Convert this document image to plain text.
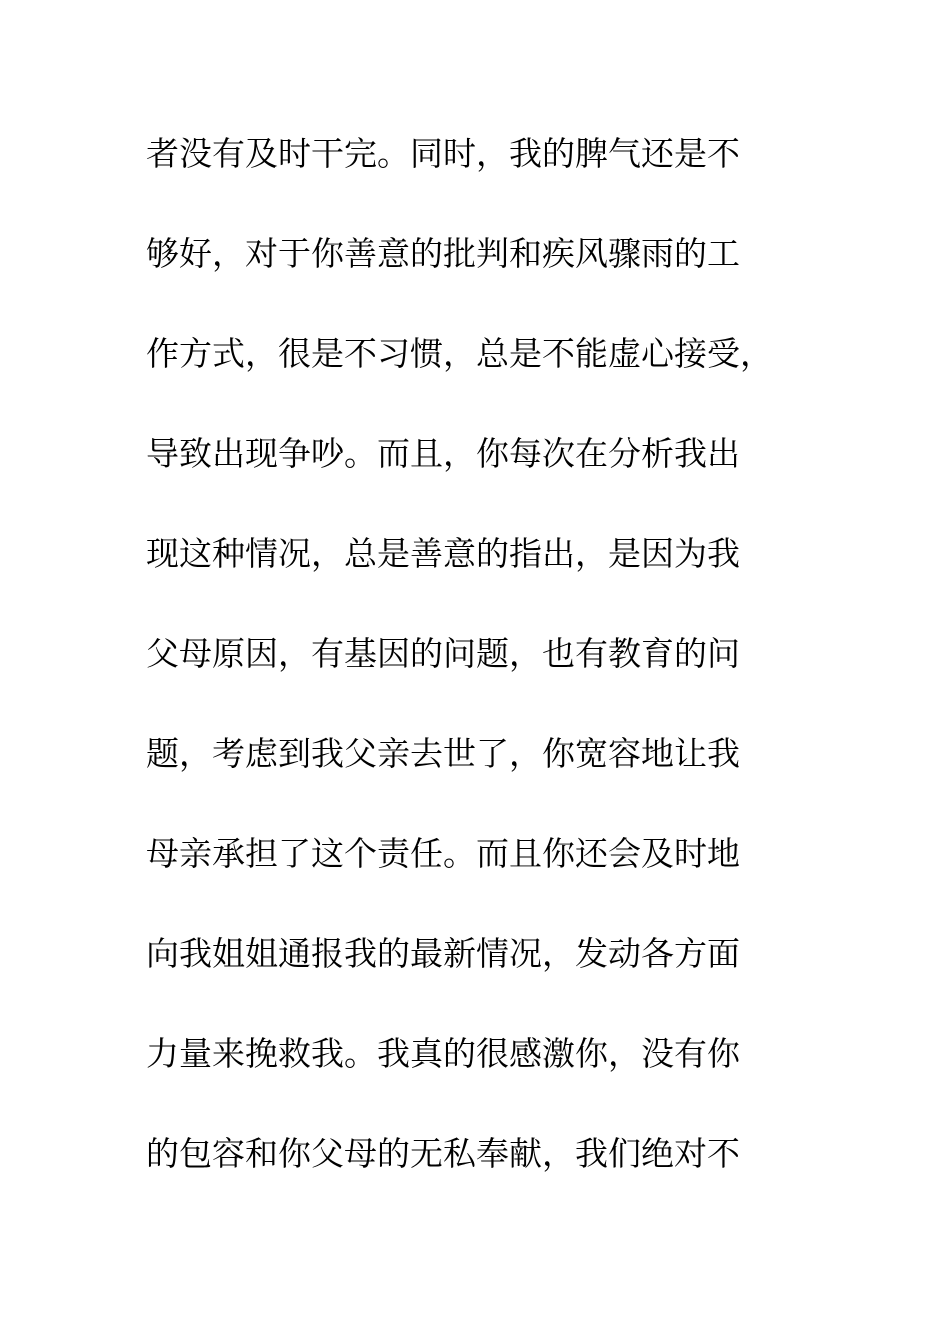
者没有及时干完。同时，我的脾气还是不
够好，对于你善意的批判和疾风骤雨的工
作方式，很是不习惯，总是不能虚心接受，
导致出现争吵。而且，你每次在分析我出
现这种情况，总是善意的指出，是因为我
父母原因，有基因的问题，也有教育的问
题，考虑到我父亲去世了，你宽容地让我
母亲承担了这个责任。而且你还会及时地
向我姐姐通报我的最新情况，发动各方面
力量来挽救我。我真的很感激你，没有你
的包容和你父母的无私奉献，我们绝对不
